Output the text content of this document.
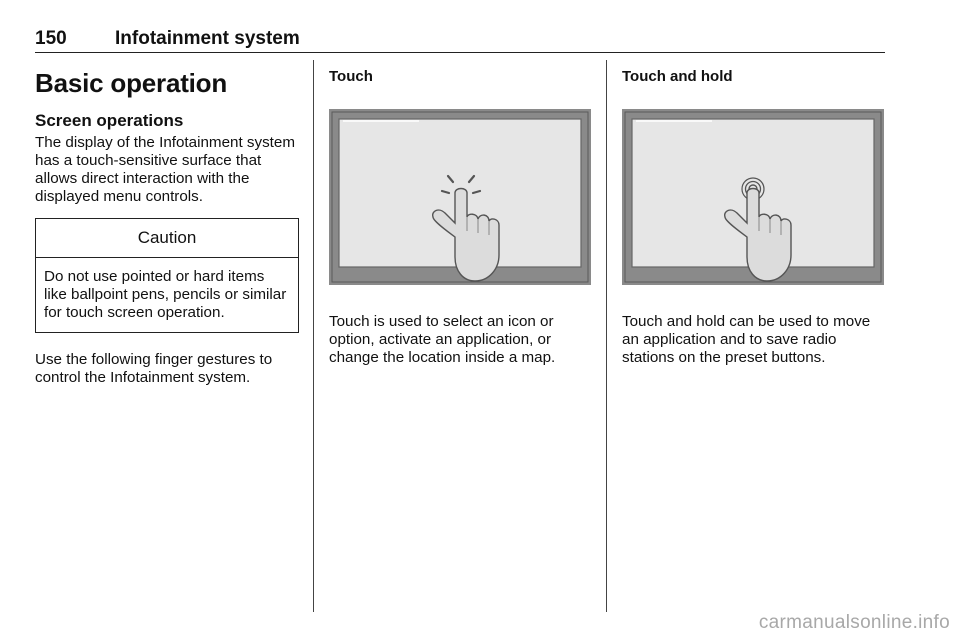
150	Infotainment system
Basic operation
Screen operations

The display of the Infotainment system has a touch-sensitive surface that allows direct interaction with the displayed menu controls.

Caution

Do not use pointed or hard items like ballpoint pens, pencils or similar for touch screen operation.

Use the following finger gestures to control the Infotainment system.

Touch

Touch is used to select an icon or option, activate an application, or change the location inside a map.

Touch and hold

Touch and hold can be used to move an application and to save radio stations on the preset buttons.

carmanualsonline.info
